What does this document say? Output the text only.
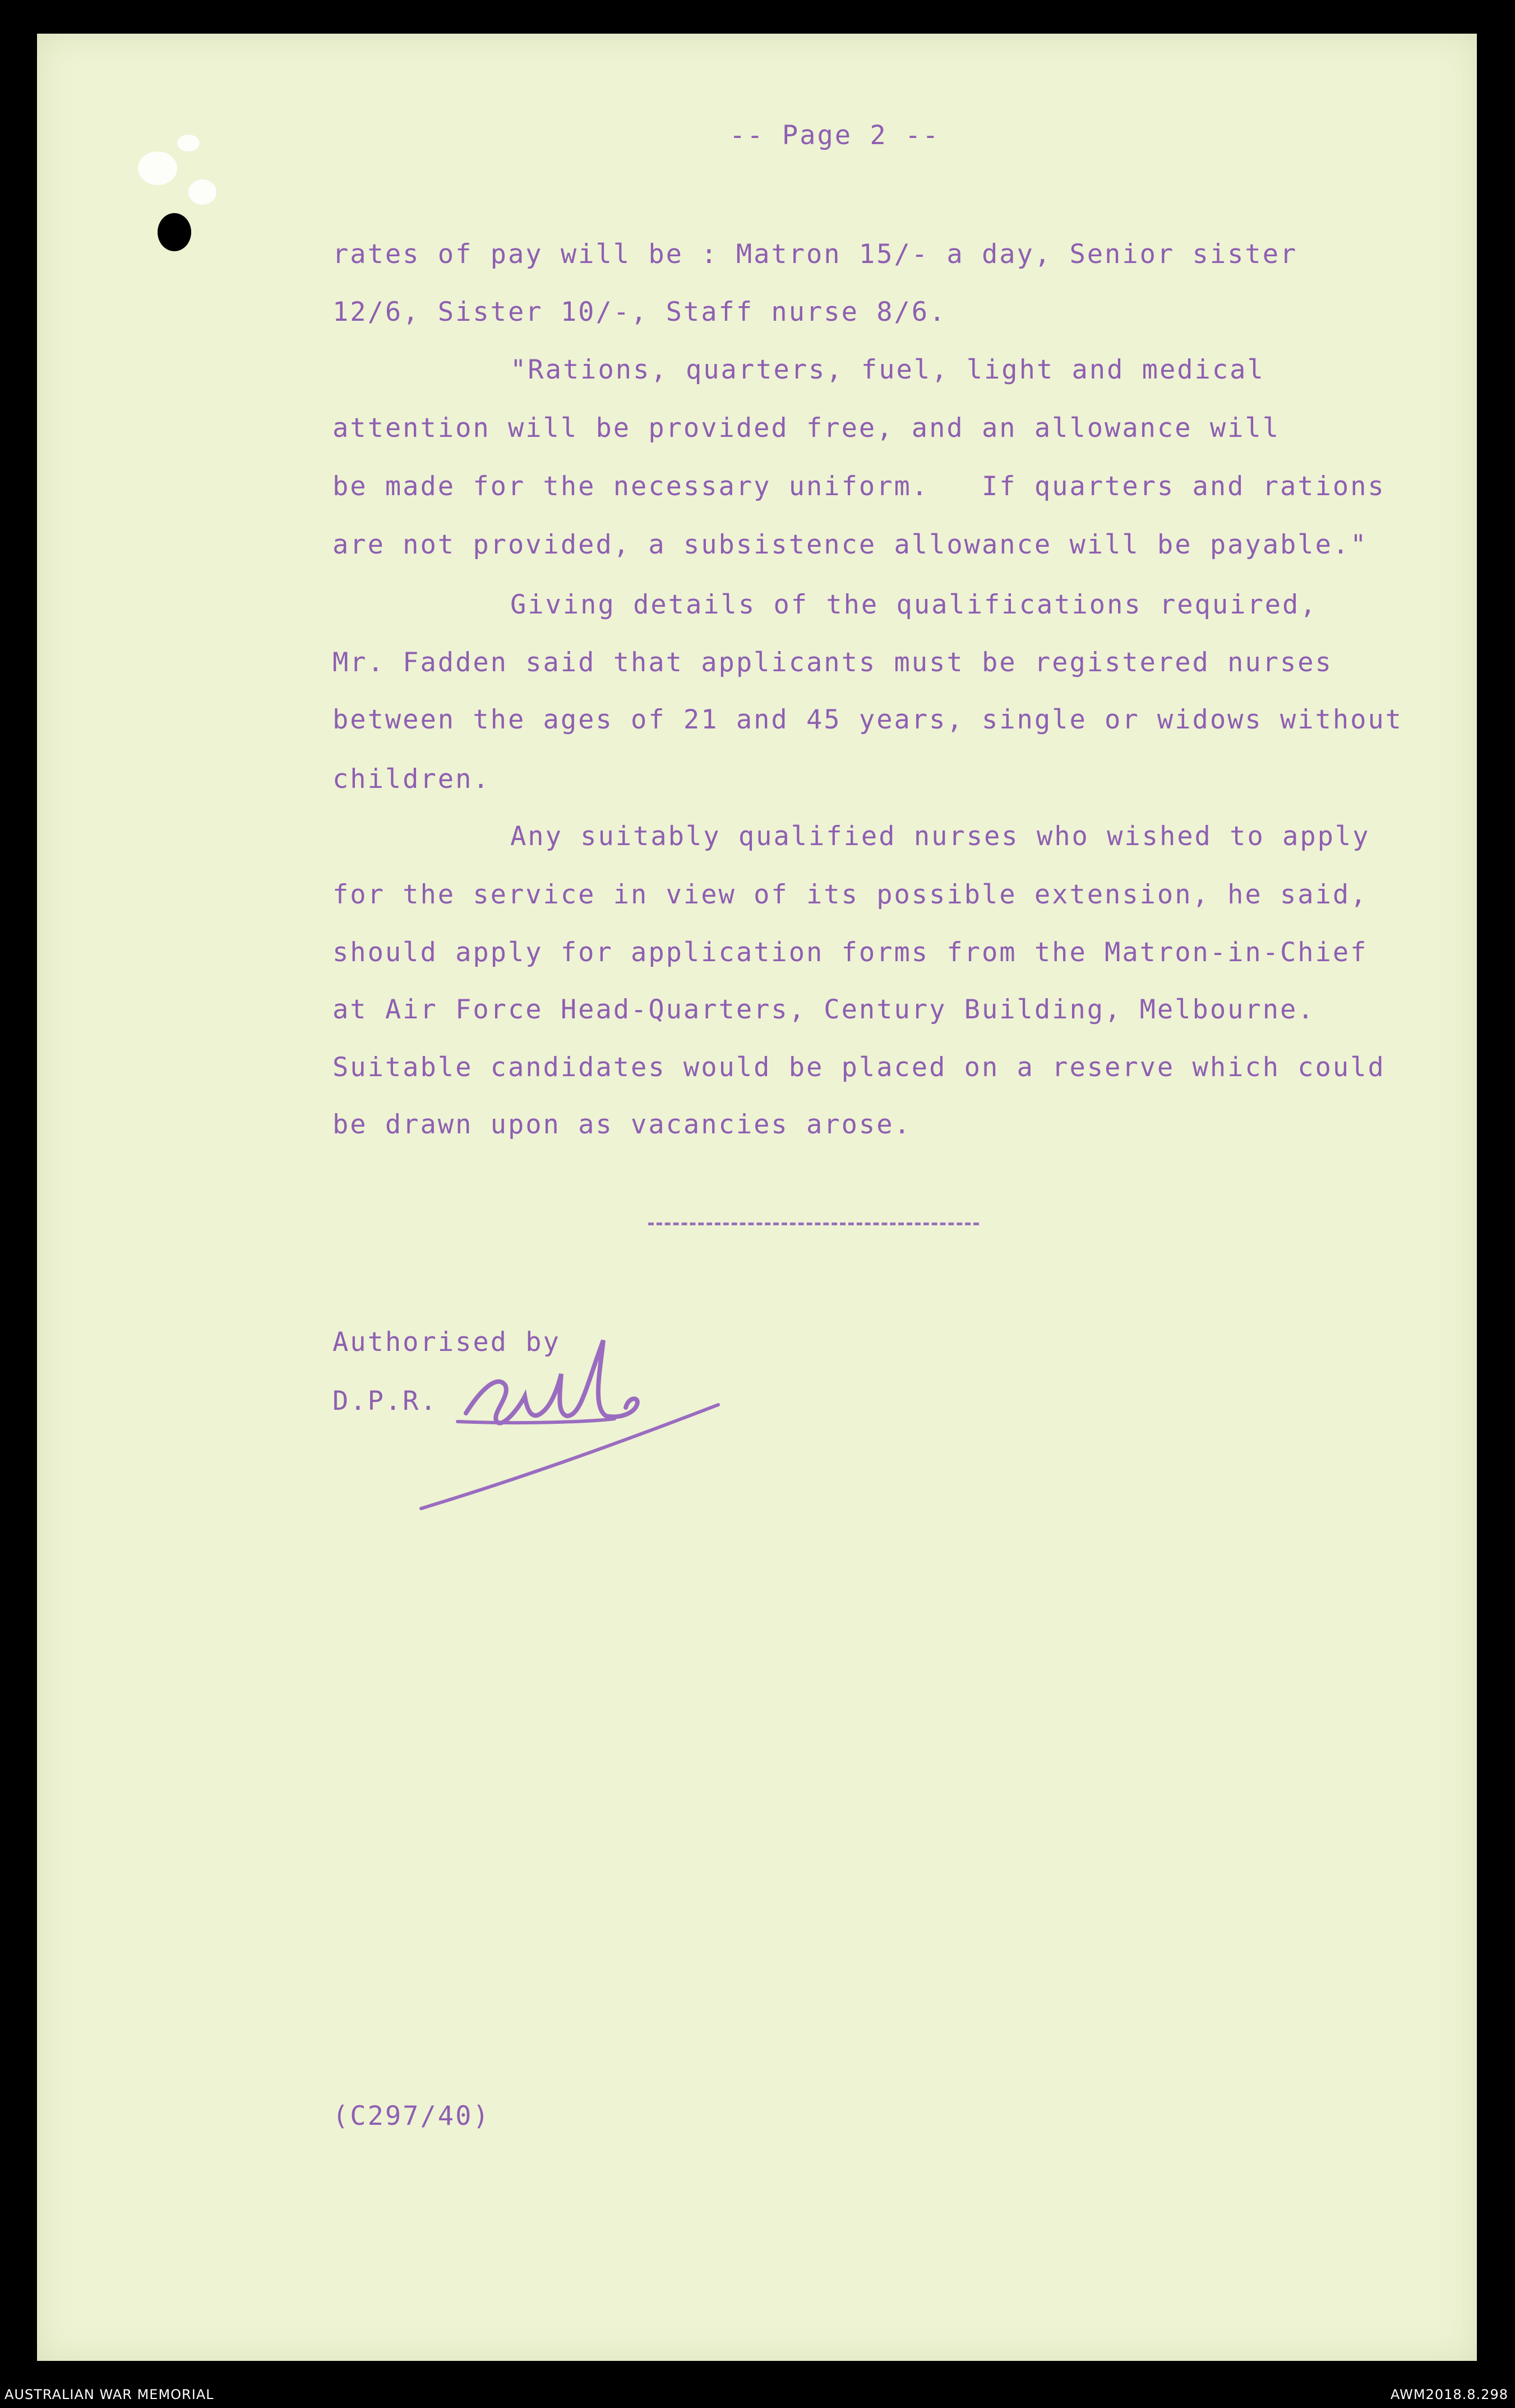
-- Page 2 --
rates of pay will be : Matron 15/- a day, Senior sister
12/6, Sister 10/-, Staff nurse 8/6.
"Rations, quarters, fuel, light and medical
attention will be provided free, and an allowance will
be made for the necessary uniform.   If quarters and rations
are not provided, a subsistence allowance will be payable."
Giving details of the qualifications required,
Mr. Fadden said that applicants must be registered nurses
between the ages of 21 and 45 years, single or widows without
children.
Any suitably qualified nurses who wished to apply
for the service in view of its possible extension, he said,
should apply for application forms from the Matron-in-Chief
at Air Force Head-Quarters, Century Building, Melbourne.
Suitable candidates would be placed on a reserve which could
be drawn upon as vacancies arose.
Authorised by
D.P.R.
(C297/40)
AUSTRALIAN WAR MEMORIAL	AWM2018.8.298
